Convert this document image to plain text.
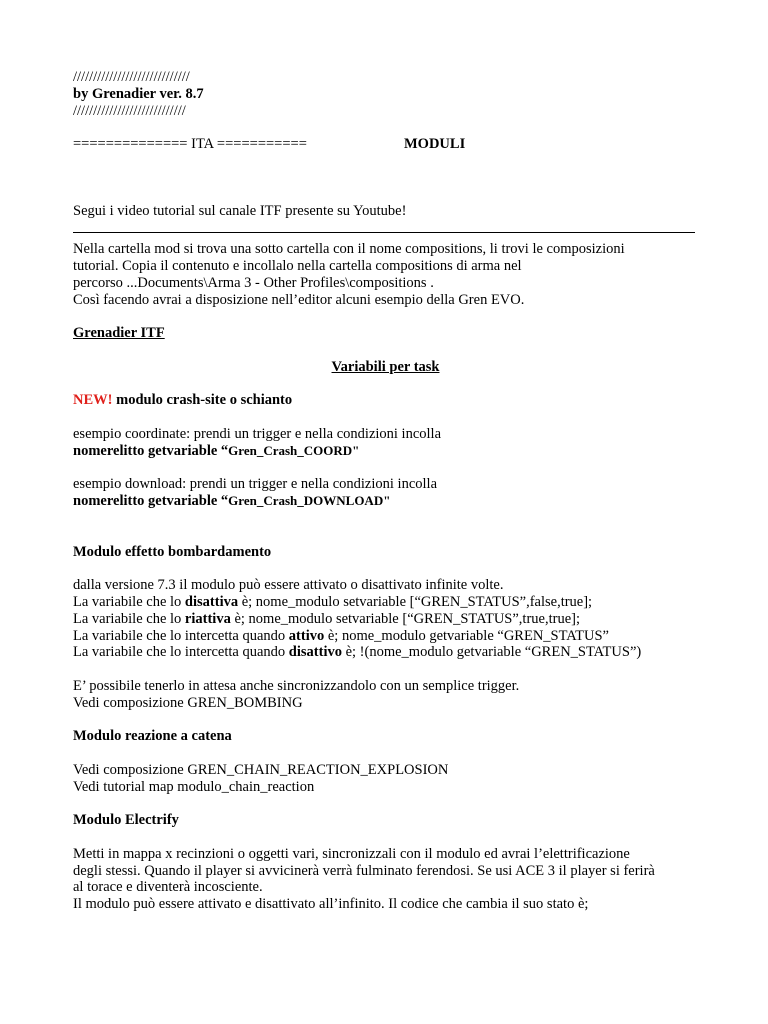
/////////////////////////////
by Grenadier ver. 8.7
////////////////////////////
============== ITA ===========	MODULI
Segui i video tutorial sul canale ITF presente su Youtube!
Nella cartella mod si trova una sotto cartella con il nome compositions, li trovi le composizioni
tutorial. Copia il contenuto e incollalo nella cartella compositions di arma nel
percorso ...Documents\Arma 3 - Other Profiles\compositions .
Così facendo avrai a disposizione nell’editor alcuni esempio della Gren EVO.
Grenadier ITF
Variabili per task
NEW! modulo crash-site o schianto
esempio coordinate: prendi un trigger e nella condizioni incolla
nomerelitto getvariable “Gren_Crash_COORD"
esempio download: prendi un trigger e nella condizioni incolla
nomerelitto getvariable “Gren_Crash_DOWNLOAD"
Modulo effetto bombardamento
dalla versione 7.3 il modulo può essere attivato o disattivato infinite volte.
La variabile che lo disattiva è; nome_modulo setvariable [“GREN_STATUS”,false,true];
La variabile che lo riattiva è; nome_modulo setvariable [“GREN_STATUS”,true,true];
La variabile che lo intercetta quando attivo è; nome_modulo getvariable “GREN_STATUS”
La variabile che lo intercetta quando disattivo è; !(nome_modulo getvariable “GREN_STATUS”)
E’ possibile tenerlo in attesa anche sincronizzandolo con un semplice trigger.
Vedi composizione GREN_BOMBING
Modulo reazione a catena
Vedi composizione GREN_CHAIN_REACTION_EXPLOSION
Vedi tutorial map modulo_chain_reaction
Modulo Electrify
Metti in mappa x recinzioni o oggetti vari, sincronizzali con il modulo ed avrai l’elettrificazione
degli stessi. Quando il player si avvicinerà verrà fulminato ferendosi. Se usi ACE 3 il player si ferirà
al torace e diventerà incosciente.
Il modulo può essere attivato e disattivato all’infinito. Il codice che cambia il suo stato è;
